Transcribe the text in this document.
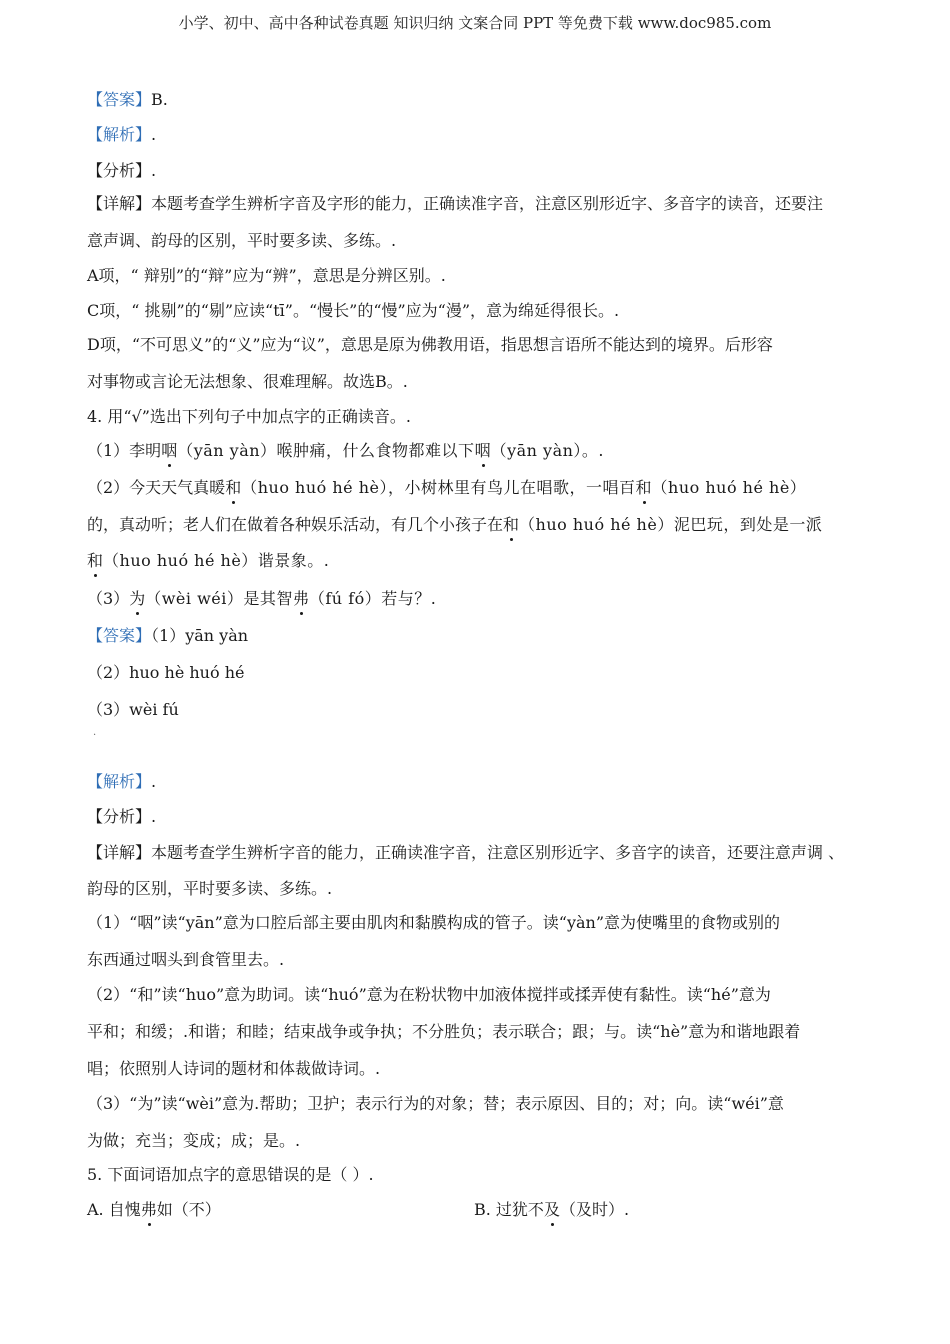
小学、初中、高中各种试卷真题 知识归纳 文案合同 PPT 等免费下载 www.doc985.com
【答案】B.
【解析】.
【分析】.
【详解】本题考查学生辨析字音及字形的能力，正确读准字音，注意区别形近字、多音字的读音，还要注
意声调、韵母的区别，平时要多读、多练。.
A项，“ 辩别”的“辩”应为“辨”，意思是分辨区别。.
C项，“ 挑剔”的“剔”应读“tī”。“慢长”的“慢”应为“漫”，意为绵延得很长。.
D项，“不可思义”的“义”应为“议”，意思是原为佛教用语，指思想言语所不能达到的境界。后形容
对事物或言论无法想象、很难理解。故选B。.
4. 用“√”选出下列句子中加点字的正确读音。.
（1）李明咽（yān yàn）喉肿痛，什么食物都难以下咽（yān yàn）。.
（2）今天天气真暖和（huo huó hé hè），小树林里有鸟儿在唱歌，一唱百和（huo huó hé hè）
的，真动听；老人们在做着各种娱乐活动，有几个小孩子在和（huo huó hé hè）泥巴玩，到处是一派
和（huo huó hé hè）谐景象。.
（3）为（wèi wéi）是其智弗（fú fó）若与？.
【答案】（1）yān yàn
（2）huo hè huó hé
（3）wèi fú
.
【解析】.
【分析】.
【详解】本题考查学生辨析字音的能力，正确读准字音，注意区别形近字、多音字的读音，还要注意声调 、
韵母的区别，平时要多读、多练。.
（1）“咽”读“yān”意为口腔后部主要由肌肉和黏膜构成的管子。读“yàn”意为使嘴里的食物或别的
东西通过咽头到食管里去。.
（2）“和”读“huo”意为助词。读“huó”意为在粉状物中加液体搅拌或揉弄使有黏性。读“hé”意为
平和；和缓；.和谐；和睦；结束战争或争执；不分胜负；表示联合；跟；与。读“hè”意为和谐地跟着
唱；依照别人诗词的题材和体裁做诗词。.
（3）“为”读“wèi”意为.帮助；卫护；表示行为的对象；替；表示原因、目的；对；向。读“wéi”意
为做；充当；变成；成；是。.
5. 下面词语加点字的意思错误的是（ ）.
A. 自愧弗如（不）	B. 过犹不及（及时）.
